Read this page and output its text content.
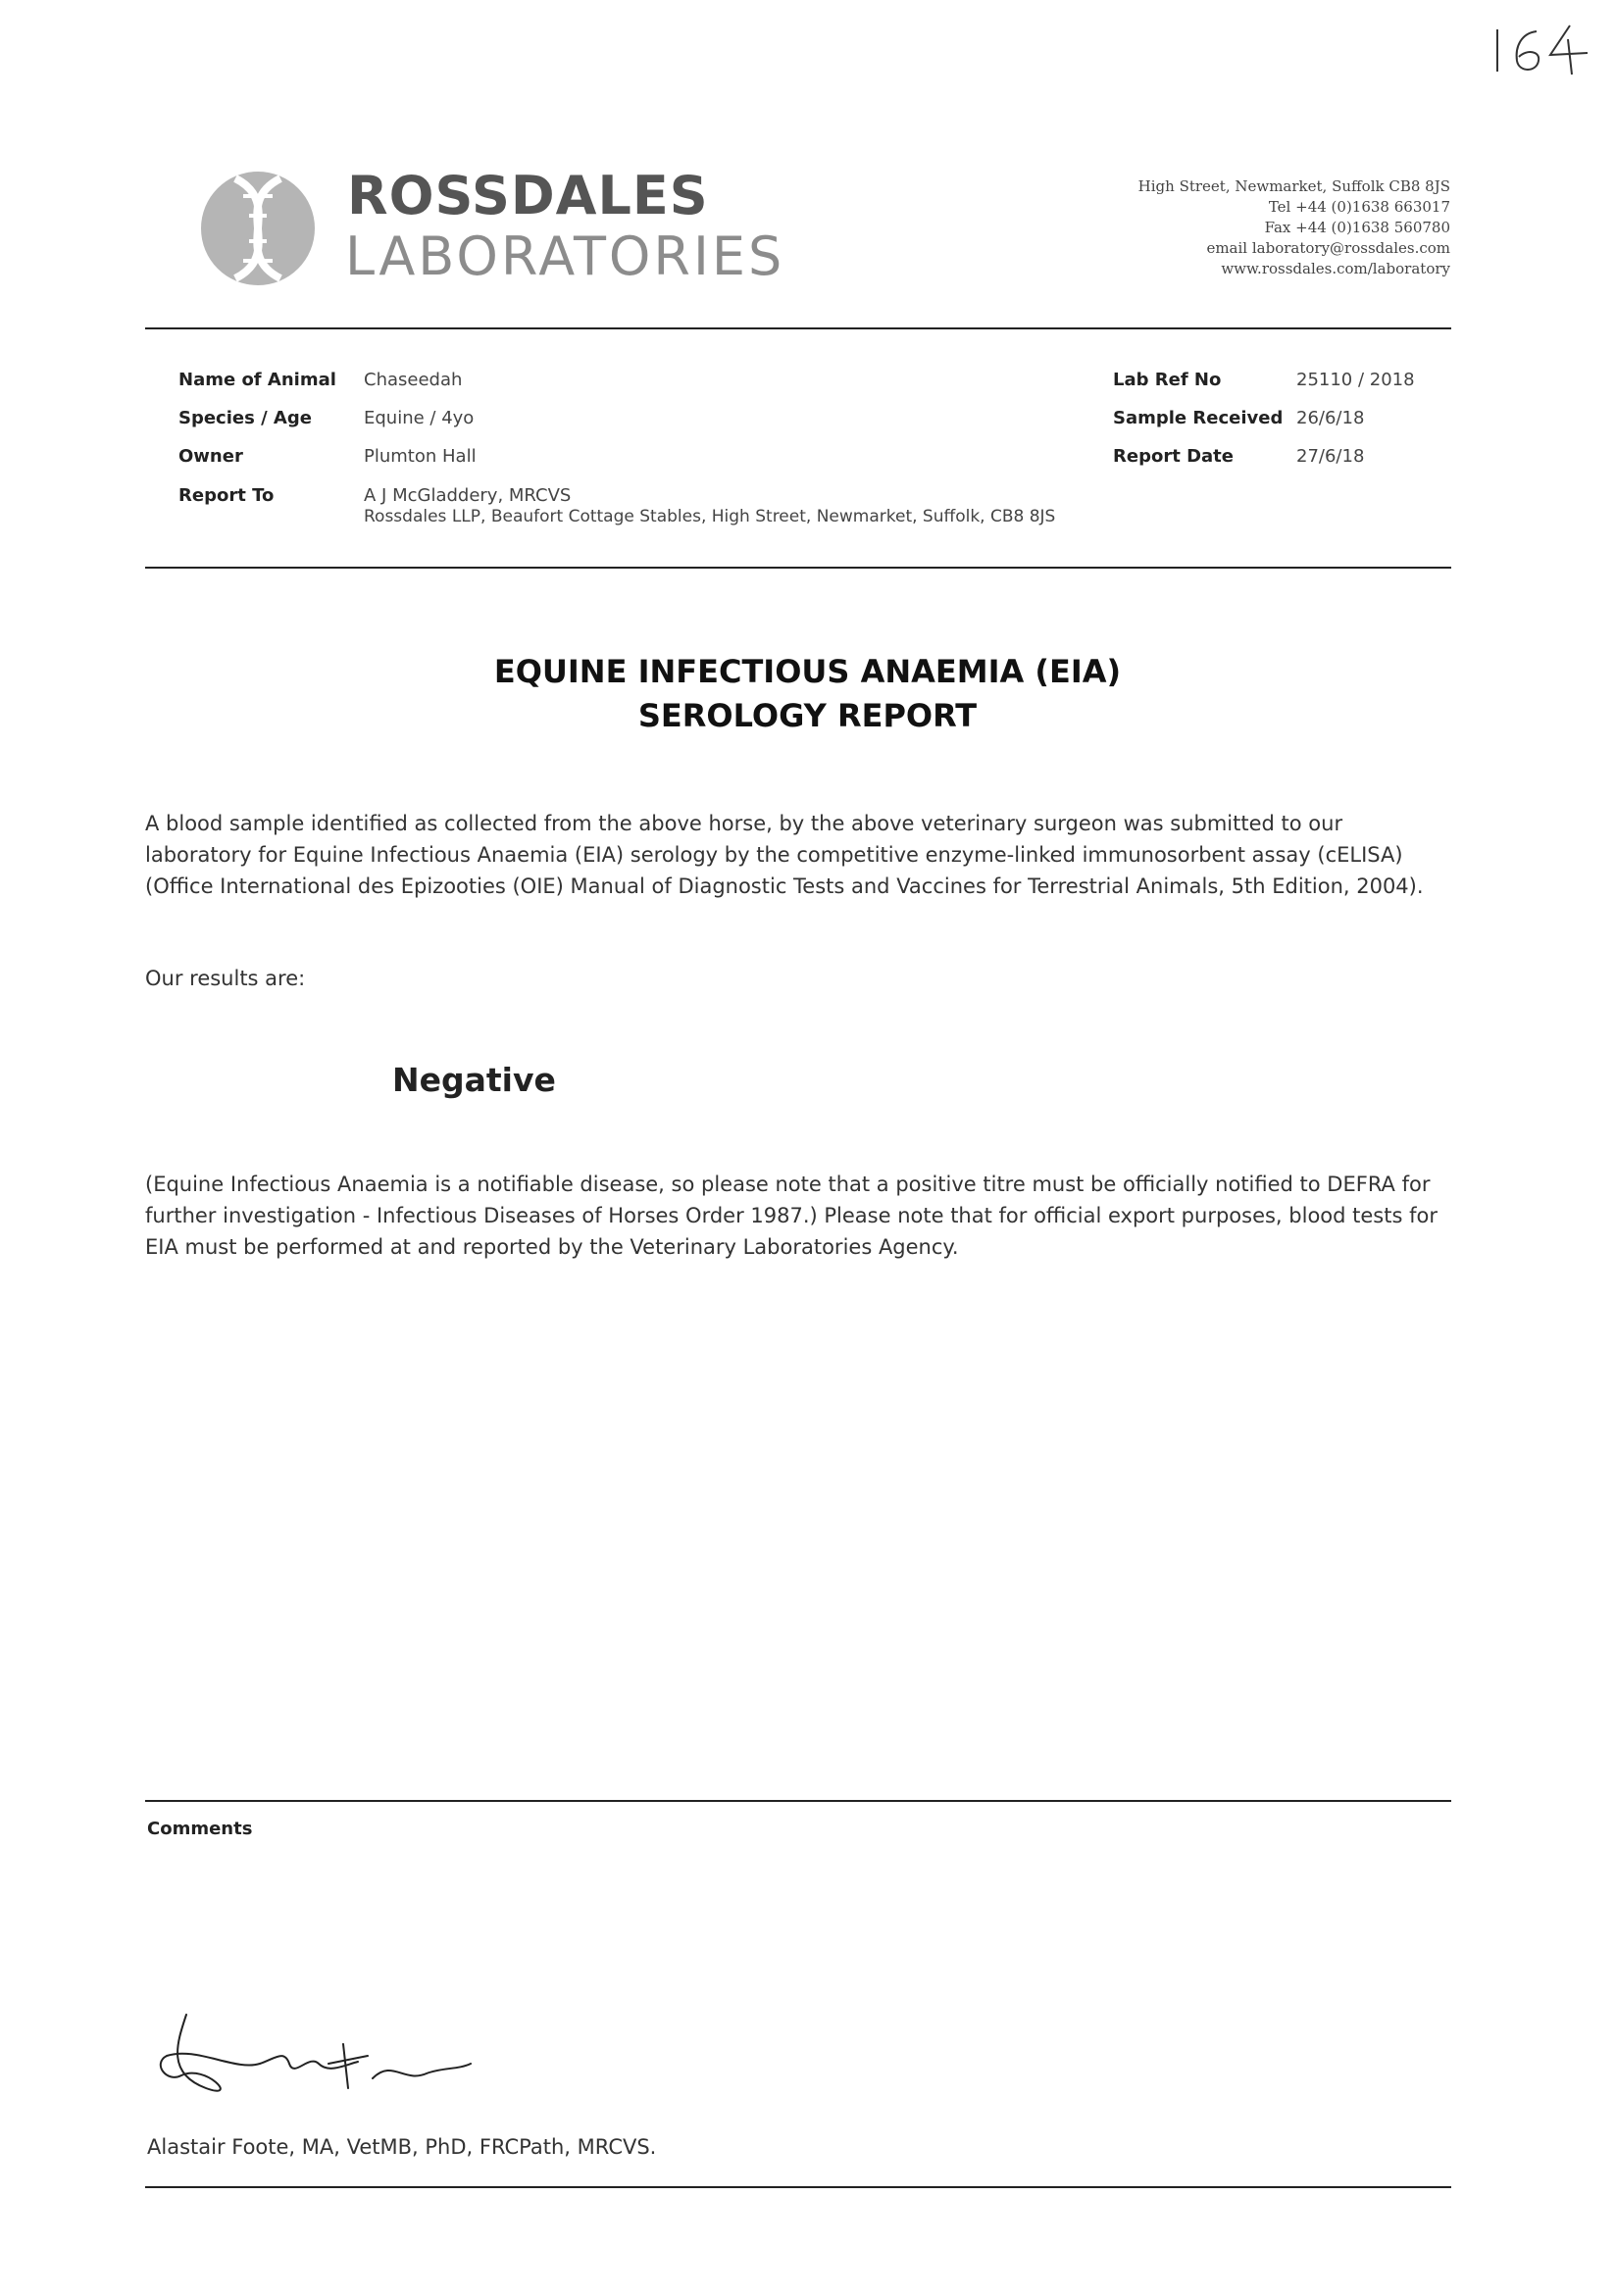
ROSSDALES
LABORATORIES
High Street, Newmarket, Suffolk CB8 8JS
Tel +44 (0)1638 663017
Fax +44 (0)1638 560780
email laboratory@rossdales.com
www.rossdales.com/laboratory
Name of Animal Chaseedah
Species / Age	Equine / 4yo
Owner	Plumton Hall
Report To	A J McGladdery, MRCVS
Rossdales LLP, Beaufort Cottage Stables, High Street, Newmarket, Suffolk, CB8 8JS
Lab Ref No	25110 / 2018
Sample Received 26/6/18
Report Date	27/6/18
EQUINE INFECTIOUS ANAEMIA (EIA)
SEROLOGY REPORT
A blood sample identified as collected from the above horse, by the above veterinary surgeon was submitted to our laboratory for Equine Infectious Anaemia (EIA) serology by the competitive enzyme-linked immunosorbent assay (cELISA) (Office International des Epizooties (OIE) Manual of Diagnostic Tests and Vaccines for Terrestrial Animals, 5th Edition, 2004).
Our results are:
Negative
(Equine Infectious Anaemia is a notifiable disease, so please note that a positive titre must be officially notified to DEFRA for further investigation - Infectious Diseases of Horses Order 1987.) Please note that for official export purposes, blood tests for EIA must be performed at and reported by the Veterinary Laboratories Agency.
Comments
Alastair Foote, MA, VetMB, PhD, FRCPath, MRCVS.
